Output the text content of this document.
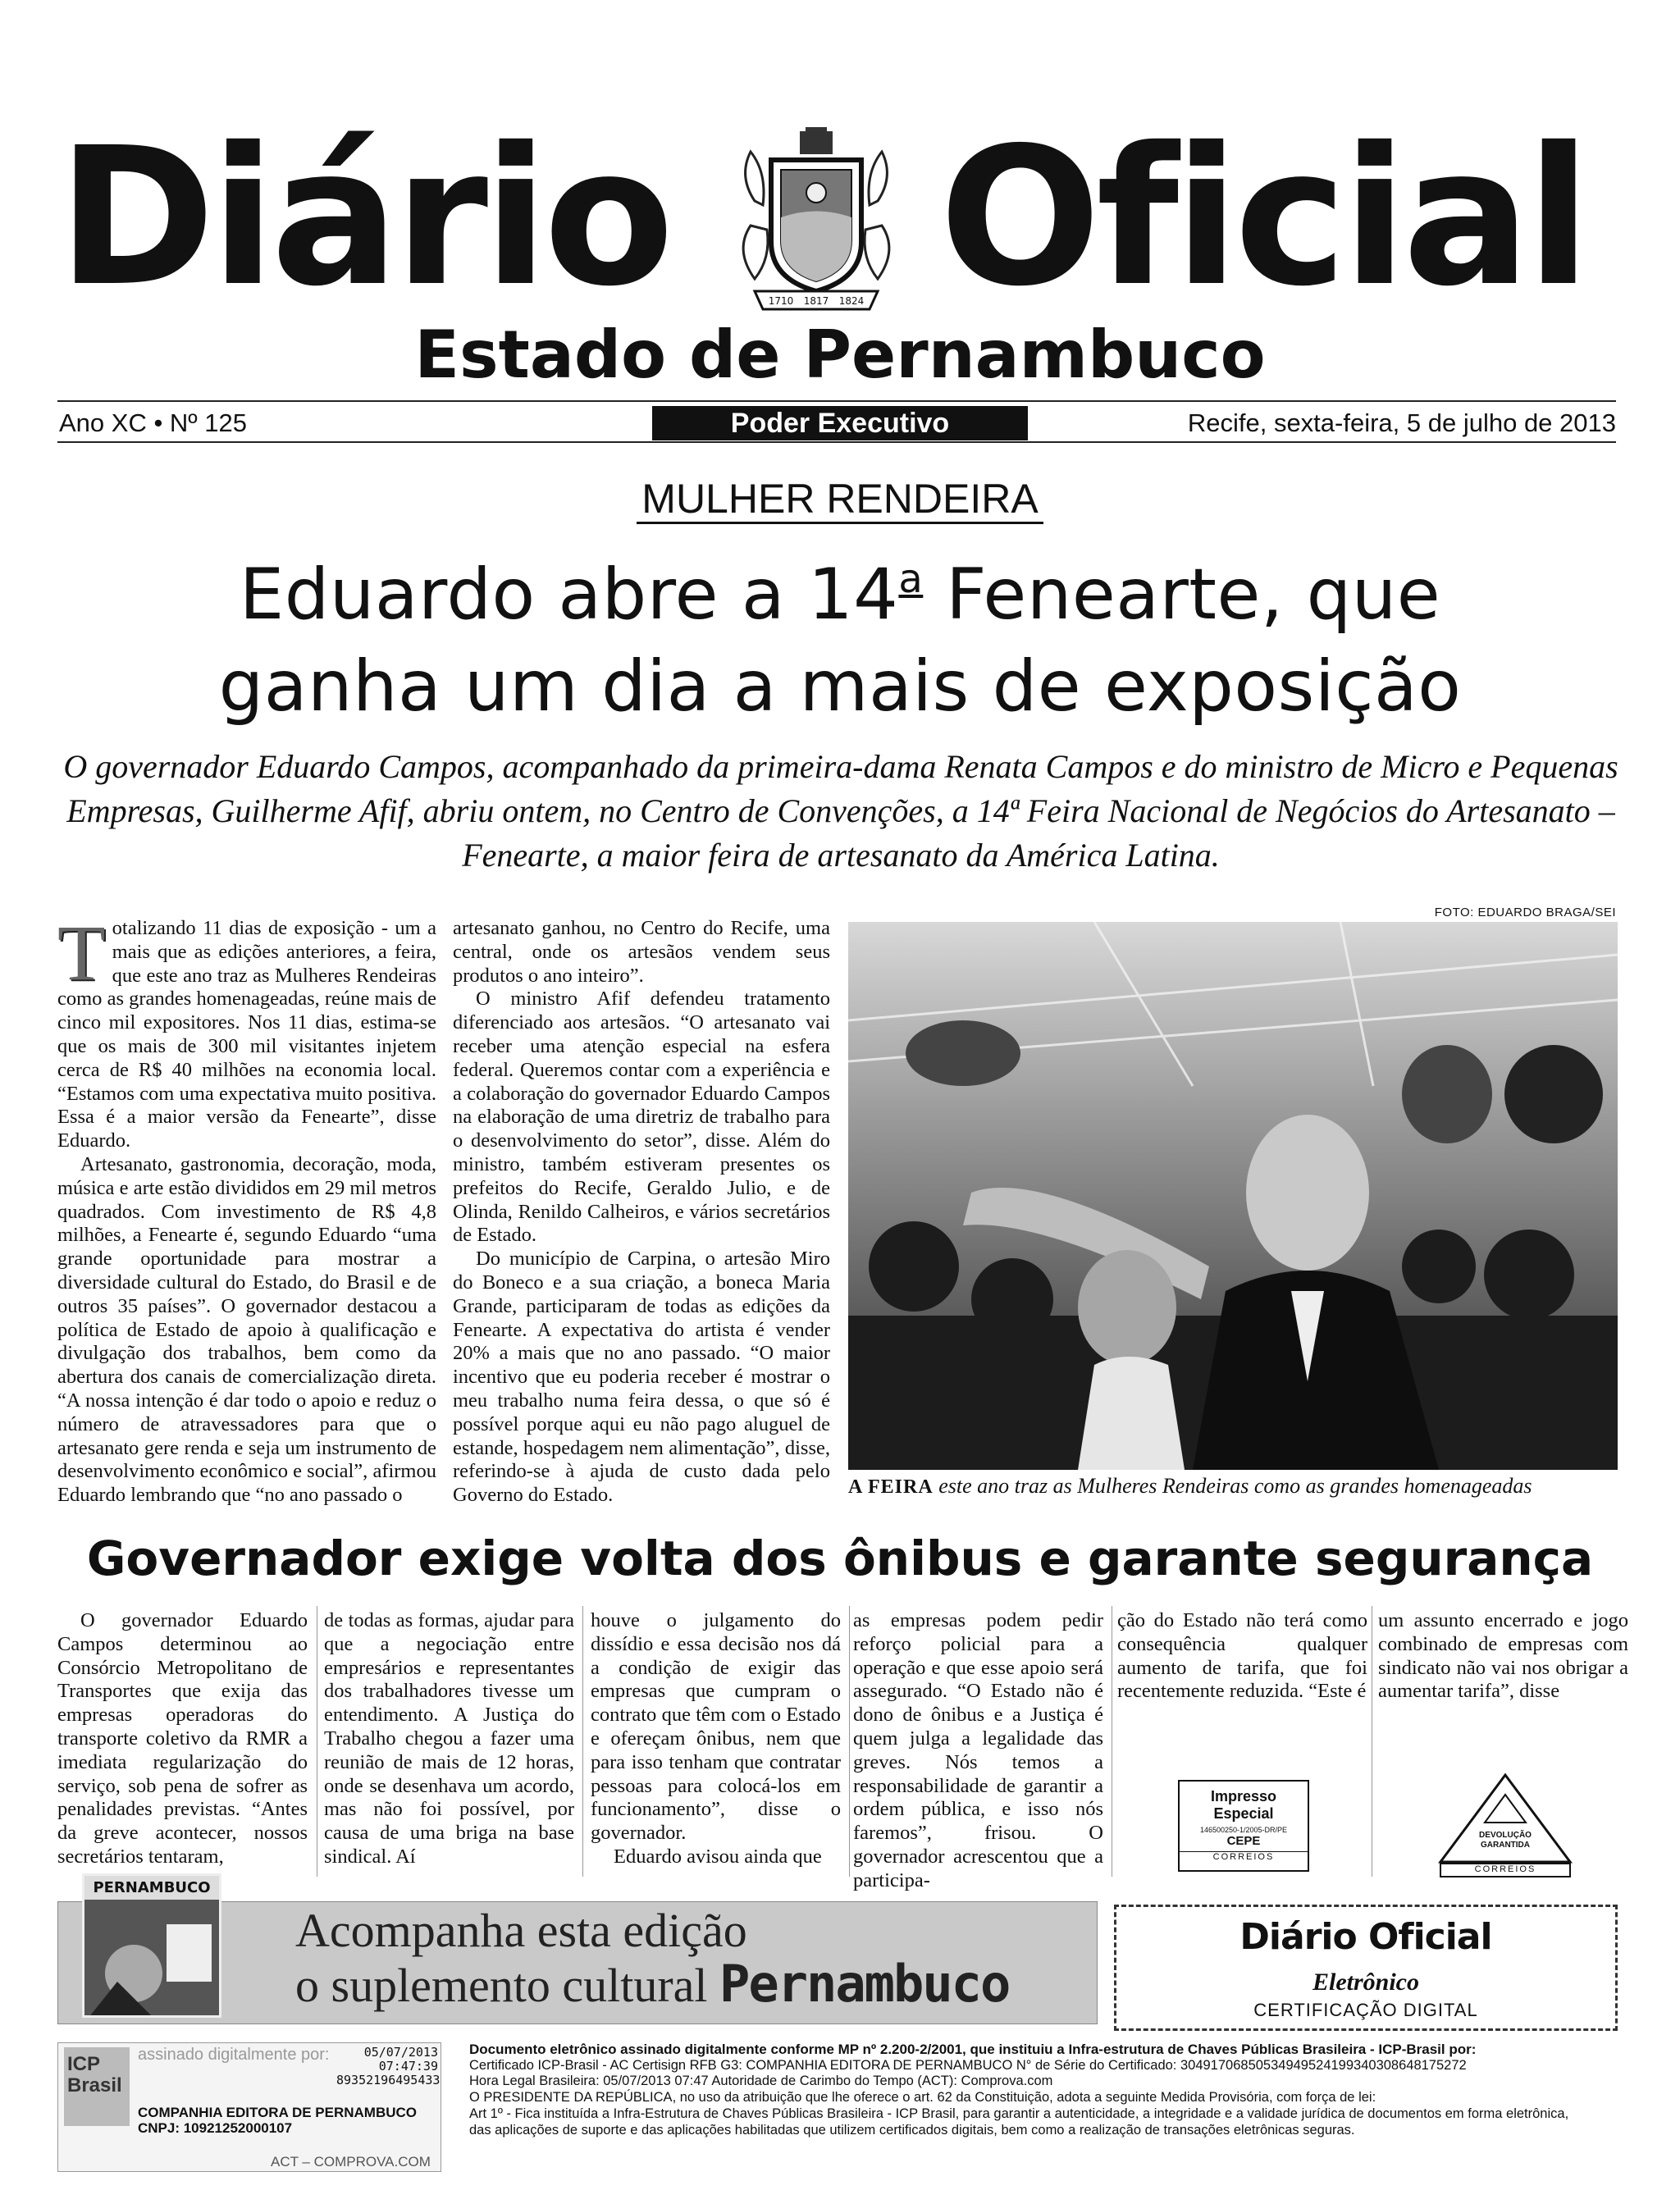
Diário Oficial
1710 1817 1824
Estado de Pernambuco
Ano XC • Nº 125	Poder Executivo	Recife, sexta-feira, 5 de julho de 2013
MULHER RENDEIRA
Eduardo abre a 14$^a$ Fenearte, que
ganha um dia a mais de exposição
O governador Eduardo Campos, acompanhado da primeira-dama Renata Campos e do ministro de Micro e Pequenas Empresas, Guilherme Afif, abriu ontem, no Centro de Convenções, a 14ª Feira Nacional de Negócios do Artesanato – Fenearte, a maior feira de artesanato da América Latina.

Totalizando 11 dias de exposição - um a mais que as edições anteriores, a feira, que este ano traz as Mulheres Rendeiras como as grandes homenageadas, reúne mais de cinco mil expositores. Nos 11 dias, estima-se que os mais de 300 mil visitantes injetem cerca de R$ 40 milhões na economia local. “Estamos com uma expectativa muito positiva. Essa é a maior versão da Fenearte”, disse Eduardo.

Artesanato, gastronomia, decoração, moda, música e arte estão divididos em 29 mil metros quadrados. Com investimento de R$ 4,8 milhões, a Fenearte é, segundo Eduardo “uma grande oportunidade para mostrar a diversidade cultural do Estado, do Brasil e de outros 35 países”. O governador destacou a política de Estado de apoio à qualificação e divulgação dos trabalhos, bem como da abertura dos canais de comercialização direta. “A nossa intenção é dar todo o apoio e reduz o número de atravessadores para que o artesanato gere renda e seja um instrumento de desenvolvimento econômico e social”, afirmou Eduardo lembrando que “no ano passado o

artesanato ganhou, no Centro do Recife, uma central, onde os artesãos vendem seus produtos o ano inteiro”.

O ministro Afif defendeu tratamento diferenciado aos artesãos. “O artesanato vai receber uma atenção especial na esfera federal. Queremos contar com a experiência e a colaboração do governador Eduardo Campos na elaboração de uma diretriz de trabalho para o desenvolvimento do setor”, disse. Além do ministro, também estiveram presentes os prefeitos do Recife, Geraldo Julio, e de Olinda, Renildo Calheiros, e vários secretários de Estado.

Do município de Carpina, o artesão Miro do Boneco e a sua criação, a boneca Maria Grande, participaram de todas as edições da Fenearte. A expectativa do artista é vender 20% a mais que no ano passado. “O maior incentivo que eu poderia receber é mostrar o meu trabalho numa feira dessa, o que só é possível porque aqui eu não pago aluguel de estande, hospedagem nem alimentação”, disse, referindo-se à ajuda de custo dada pelo Governo do Estado.

FOTO: EDUARDO BRAGA/SEI
A FEIRA este ano traz as Mulheres Rendeiras como as grandes homenageadas
Governador exige volta dos ônibus e garante segurança

O governador Eduardo Campos determinou ao Consórcio Metropolitano de Transportes que exija das empresas operadoras do transporte coletivo da RMR a imediata regularização do serviço, sob pena de sofrer as penalidades previstas. “Antes da greve acontecer, nossos secretários tentaram,

de todas as formas, ajudar para que a negociação entre empresários e representantes dos trabalhadores tivesse um entendimento. A Justiça do Trabalho chegou a fazer uma reunião de mais de 12 horas, onde se desenhava um acordo, mas não foi possível, por causa de uma briga na base sindical. Aí

houve o julgamento do dissídio e essa decisão nos dá a condição de exigir das empresas que cumpram o contrato que têm com o Estado e ofereçam ônibus, nem que para isso tenham que contratar pessoas para colocá-los em funcionamento”, disse o governador.

Eduardo avisou ainda que

as empresas podem pedir reforço policial para a operação e que esse apoio será assegurado. “O Estado não é dono de ônibus e a Justiça é quem julga a legalidade das greves. Nós temos a responsabilidade de garantir a ordem pública, e isso nós faremos”, frisou. O governador acrescentou que a participa-

ção do Estado não terá como consequência qualquer aumento de tarifa, que foi recentemente reduzida. “Este é

um assunto encerrado e jogo combinado de empresas com sindicato não vai nos obrigar a aumentar tarifa”, disse

Impresso
Especial
146500250-1/2005-DR/PE
CEPE
CORREIOS
DEVOLUÇÃO
GARANTIDA
CORREIOS
PERNAMBUCO
Acompanha esta edição
o suplemento cultural Pernambuco
Diário Oficial
Eletrônico
CERTIFICAÇÃO DIGITAL
ICP Brasil
assinado digitalmente por:	05/07/2013
07:47:39
89352196495433
COMPANHIA EDITORA DE PERNAMBUCO
CNPJ: 10921252000107
ACT – COMPROVA.COM
Documento eletrônico assinado digitalmente conforme MP nº 2.200-2/2001, que instituiu a Infra-estrutura de Chaves Públicas Brasileira - ICP-Brasil por:
Certificado ICP-Brasil - AC Certisign RFB G3: COMPANHIA EDITORA DE PERNAMBUCO N° de Série do Certificado: 30491706850534949524199340308648175272
Hora Legal Brasileira: 05/07/2013 07:47 Autoridade de Carimbo do Tempo (ACT): Comprova.com
O PRESIDENTE DA REPÚBLICA, no uso da atribuição que lhe oferece o art. 62 da Constituição, adota a seguinte Medida Provisória, com força de lei:
Art 1º - Fica instituída a Infra-Estrutura de Chaves Públicas Brasileira - ICP Brasil, para garantir a autenticidade, a integridade e a validade jurídica de documentos em forma eletrônica,
das aplicações de suporte e das aplicações habilitadas que utilizem certificados digitais, bem como a realização de transações eletrônicas seguras.
